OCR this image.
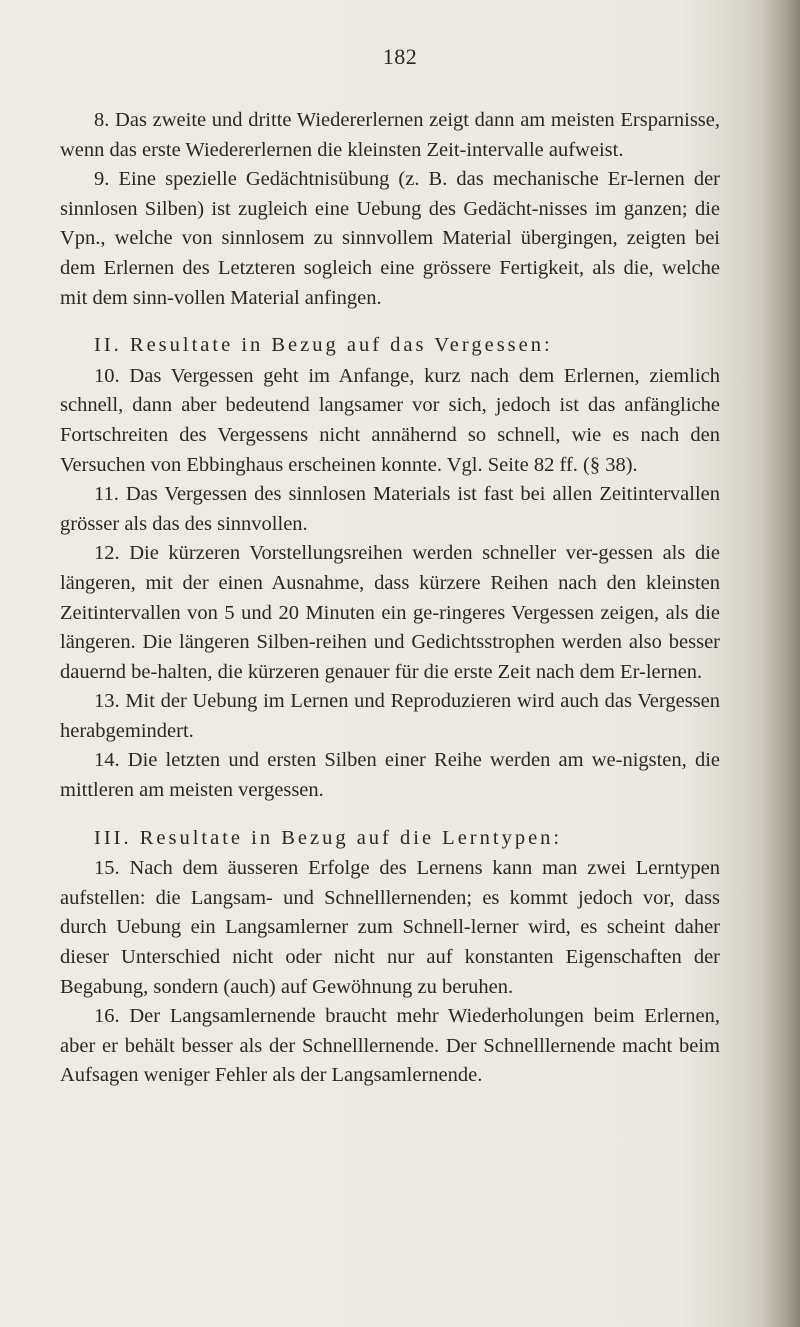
182

8. Das zweite und dritte Wiedererlernen zeigt dann am meisten Ersparnisse, wenn das erste Wiedererlernen die kleinsten Zeit-intervalle aufweist.

9. Eine spezielle Gedächtnisübung (z. B. das mechanische Er-lernen der sinnlosen Silben) ist zugleich eine Uebung des Gedächt-nisses im ganzen; die Vpn., welche von sinnlosem zu sinnvollem Material übergingen, zeigten bei dem Erlernen des Letzteren sogleich eine grössere Fertigkeit, als die, welche mit dem sinn-vollen Material anfingen.

II. Resultate in Bezug auf das Vergessen:

10. Das Vergessen geht im Anfange, kurz nach dem Erlernen, ziemlich schnell, dann aber bedeutend langsamer vor sich, jedoch ist das anfängliche Fortschreiten des Vergessens nicht annähernd so schnell, wie es nach den Versuchen von Ebbinghaus erscheinen konnte. Vgl. Seite 82 ff. (§ 38).

11. Das Vergessen des sinnlosen Materials ist fast bei allen Zeitintervallen grösser als das des sinnvollen.

12. Die kürzeren Vorstellungsreihen werden schneller ver-gessen als die längeren, mit der einen Ausnahme, dass kürzere Reihen nach den kleinsten Zeitintervallen von 5 und 20 Minuten ein ge-ringeres Vergessen zeigen, als die längeren. Die längeren Silben-reihen und Gedichtsstrophen werden also besser dauernd be-halten, die kürzeren genauer für die erste Zeit nach dem Er-lernen.

13. Mit der Uebung im Lernen und Reproduzieren wird auch das Vergessen herabgemindert.

14. Die letzten und ersten Silben einer Reihe werden am we-nigsten, die mittleren am meisten vergessen.

III. Resultate in Bezug auf die Lerntypen:

15. Nach dem äusseren Erfolge des Lernens kann man zwei Lerntypen aufstellen: die Langsam- und Schnelllernenden; es kommt jedoch vor, dass durch Uebung ein Langsamlerner zum Schnell-lerner wird, es scheint daher dieser Unterschied nicht oder nicht nur auf konstanten Eigenschaften der Begabung, sondern (auch) auf Gewöhnung zu beruhen.

16. Der Langsamlernende braucht mehr Wiederholungen beim Erlernen, aber er behält besser als der Schnelllernende. Der Schnelllernende macht beim Aufsagen weniger Fehler als der Langsamlernende.
